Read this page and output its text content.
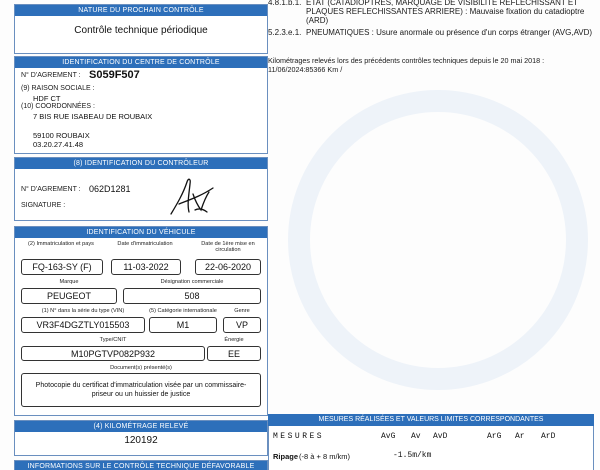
NATURE DU PROCHAIN CONTRÔLE
Contrôle technique périodique
IDENTIFICATION DU CENTRE DE CONTRÔLE
N° D'AGREMENT : S059F507
(9) RAISON SOCIALE :
HDF CT
(10) COORDONNÉES :
7 BIS RUE ISABEAU DE ROUBAIX
59100 ROUBAIX
03.20.27.41.48
(8) IDENTIFICATION DU CONTRÔLEUR
N° D'AGREMENT : 062D1281
SIGNATURE :
IDENTIFICATION DU VÉHICULE
(2) Immatriculation et pays	Date d'immatriculation	Date de 1ère mise en circulation
FQ-163-SY (F)	11-03-2022	22-06-2020
Marque	Désignation commerciale
PEUGEOT	508
(1) N° dans la série du type (VIN)	(5) Catégorie internationale	Genre
VR3F4DGZTLY015503	M1	VP
Type/CNIT	Énergie
M10PGTVP082P932	EE
Document(s) présenté(s)
Photocopie du certificat d'immatriculation visée par un commissaire-priseur ou un huissier de justice
(4) KILOMÉTRAGE RELEVÉ
120192
INFORMATIONS SUR LE CONTRÔLE TECHNIQUE DÉFAVORABLE
4.8.1.b.1. ETAT (CATADIOPTRES, MARQUAGE DE VISIBILITE REFLECHISSANT ET PLAQUES REFLECHISSANTES ARRIERE) : Mauvaise fixation du catadioptre (ARD)
5.2.3.e.1. PNEUMATIQUES : Usure anormale ou présence d'un corps étranger (AVG,AVD)
Kilométrages relevés lors des précédents contrôles techniques depuis le 20 mai 2018 : 11/06/2024:85366 Km /
MESURES RÉALISÉES ET VALEURS LIMITES CORRESPONDANTES
MESURES	AvG Av AvD	ArG Ar ArD
Ripage (-8 à + 8 m/km)	-1.5m/km
